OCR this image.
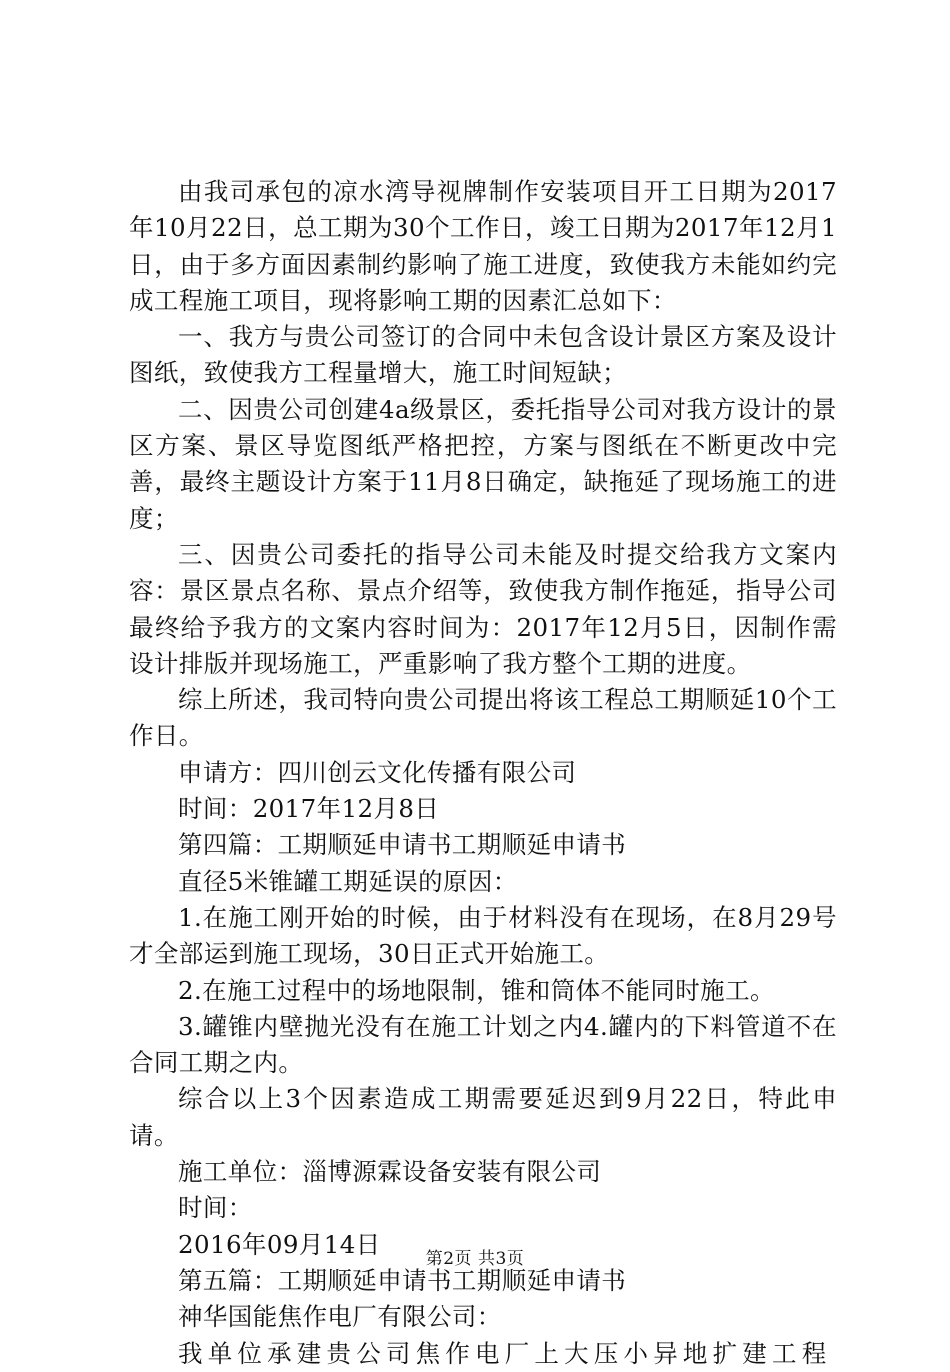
由我司承包的凉水湾导视牌制作安装项目开工日期为2017年10月22日，总工期为30个工作日，竣工日期为2017年12月1日，由于多方面因素制约影响了施工进度，致使我方未能如约完成工程施工项目，现将影响工期的因素汇总如下：

一、我方与贵公司签订的合同中未包含设计景区方案及设计图纸，致使我方工程量增大，施工时间短缺；

二、因贵公司创建4a级景区，委托指导公司对我方设计的景区方案、景区导览图纸严格把控，方案与图纸在不断更改中完善，最终主题设计方案于11月8日确定，缺拖延了现场施工的进度；

三、因贵公司委托的指导公司未能及时提交给我方文案内容：景区景点名称、景点介绍等，致使我方制作拖延，指导公司最终给予我方的文案内容时间为：2017年12月5日，因制作需设计排版并现场施工，严重影响了我方整个工期的进度。

综上所述，我司特向贵公司提出将该工程总工期顺延10个工作日。

申请方：四川创云文化传播有限公司

时间：2017年12月8日

第四篇：工期顺延申请书工期顺延申请书

直径5米锥罐工期延误的原因：

1.在施工刚开始的时候，由于材料没有在现场，在8月29号才全部运到施工现场，30日正式开始施工。

2.在施工过程中的场地限制，锥和筒体不能同时施工。

3.罐锥内壁抛光没有在施工计划之内4.罐内的下料管道不在合同工期之内。

综合以上3个因素造成工期需要延迟到9月22日，特此申请。

施工单位：淄博源霖设备安装有限公司

时间：

2016年09月14日

第五篇：工期顺延申请书工期顺延申请书

神华国能焦作电厂有限公司：

我单位承建贵公司焦作电厂上大压小异地扩建工程

第2页 共3页
